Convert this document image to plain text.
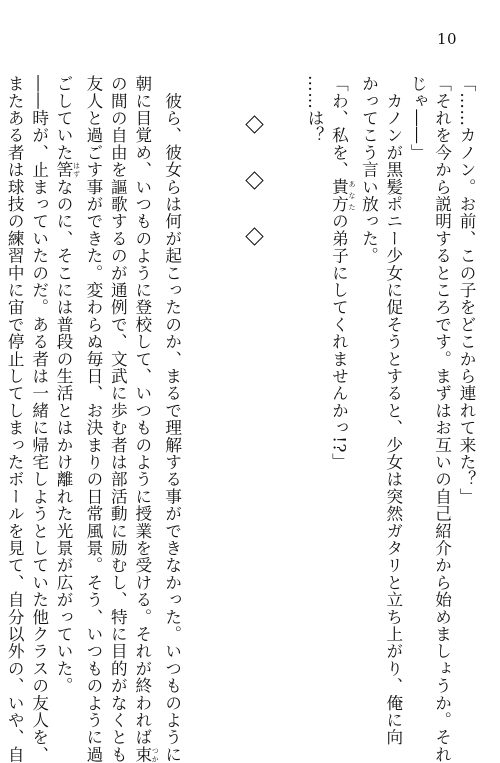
10

「……カノン。お前、この子をどこから連れて来た？」

「それを今から説明するところです。まずはお互いの自己紹介から始めましょうか。それ

じゃ――」

　カノンが黒髪ポニー少女に促そうとすると、少女は突然ガタリと立ち上がり、俺に向

かってこう言い放った。

「わ、私を、貴方 あなたの弟子にしてくれませんかっ!?」

……は？

　彼ら、彼女らは何が起こったのか、まるで理解する事ができなかった。いつものように

朝に目覚め、いつものように登校して、いつものように授業を受ける。それが終われば束 つか

の間の自由を謳歌するのが通例で、文武に歩む者は部活動に励むし、特に目的がなくとも

友人と過ごす事ができた。変わらぬ毎日、お決まりの日常風景。そう、いつものように過

ごしていた筈 はずなのに、そこには普段の生活とはかけ離れた光景が広がっていた。

――時が、止まっていたのだ。ある者は一緒に帰宅しようとしていた他クラスの友人を、

またある者は球技の練習中に宙で停止してしまったボールを見て、自分以外の、いや、自
